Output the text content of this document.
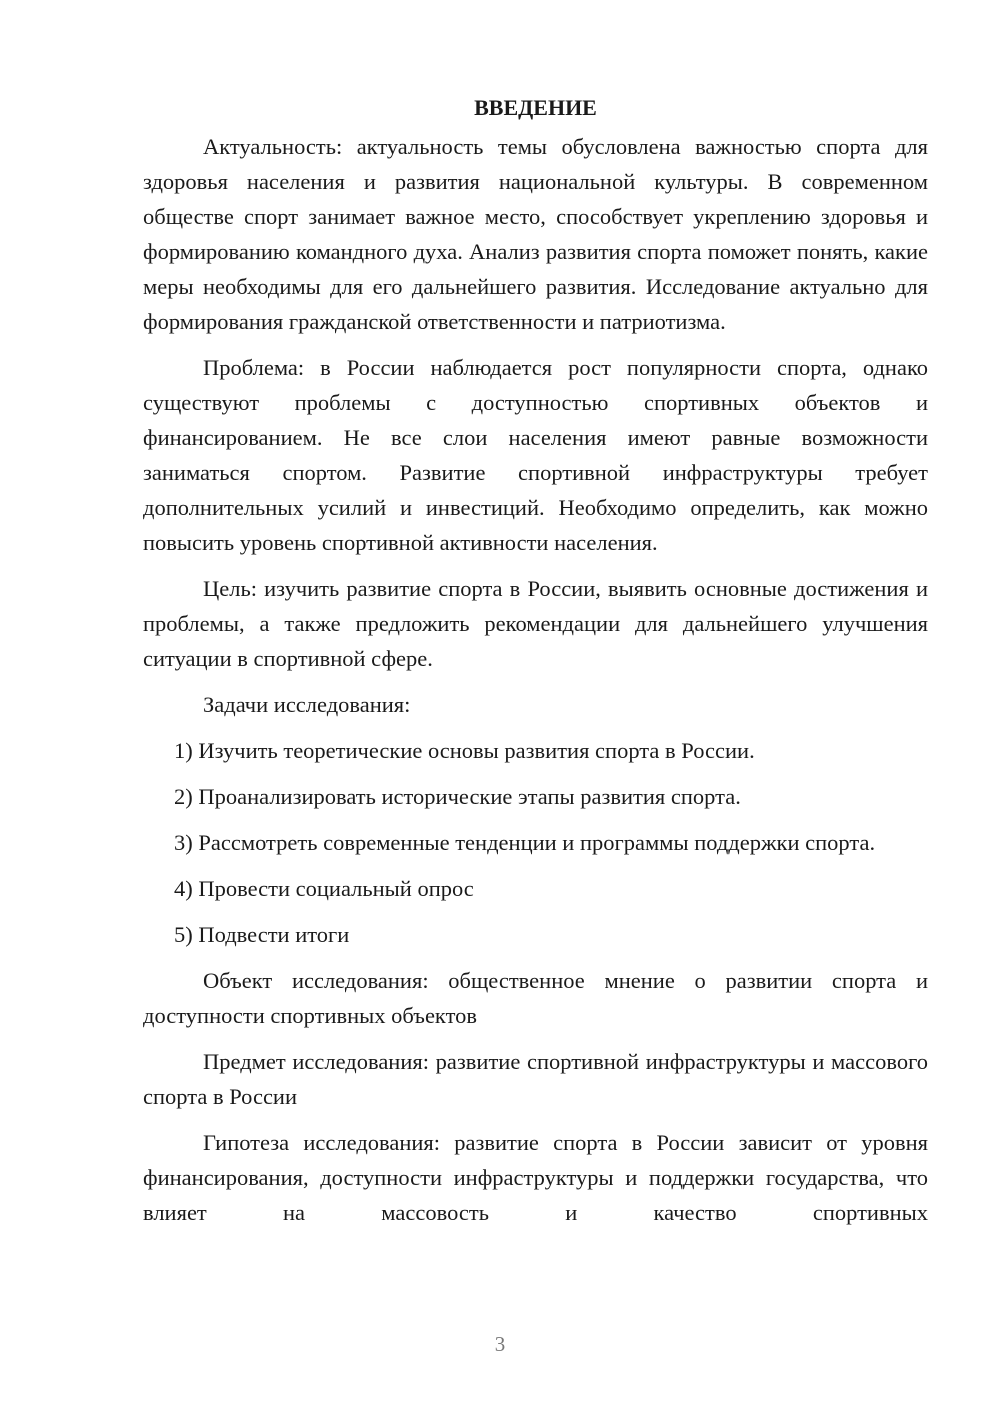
ВВЕДЕНИЕ

Актуальность: актуальность темы обусловлена важностью спорта для здоровья населения и развития национальной культуры. В современном обществе спорт занимает важное место, способствует укреплению здоровья и формированию командного духа. Анализ развития спорта поможет понять, какие меры необходимы для его дальнейшего развития. Исследование актуально для формирования гражданской ответственности и патриотизма.

Проблема: в России наблюдается рост популярности спорта, однако существуют проблемы с доступностью спортивных объектов и финансированием. Не все слои населения имеют равные возможности заниматься спортом. Развитие спортивной инфраструктуры требует дополнительных усилий и инвестиций. Необходимо определить, как можно повысить уровень спортивной активности населения.

Цель: изучить развитие спорта в России, выявить основные достижения и проблемы, а также предложить рекомендации для дальнейшего улучшения ситуации в спортивной сфере.

Задачи исследования:

1) Изучить теоретические основы развития спорта в России.

2) Проанализировать исторические этапы развития спорта.

3) Рассмотреть современные тенденции и программы поддержки спорта.

4) Провести социальный опрос

5) Подвести итоги

Объект исследования: общественное мнение о развитии спорта и доступности спортивных объектов

Предмет исследования: развитие спортивной инфраструктуры и массового спорта в России

Гипотеза исследования: развитие спорта в России зависит от уровня финансирования, доступности инфраструктуры и поддержки государства, что влияет на массовость и качество спортивных

3
